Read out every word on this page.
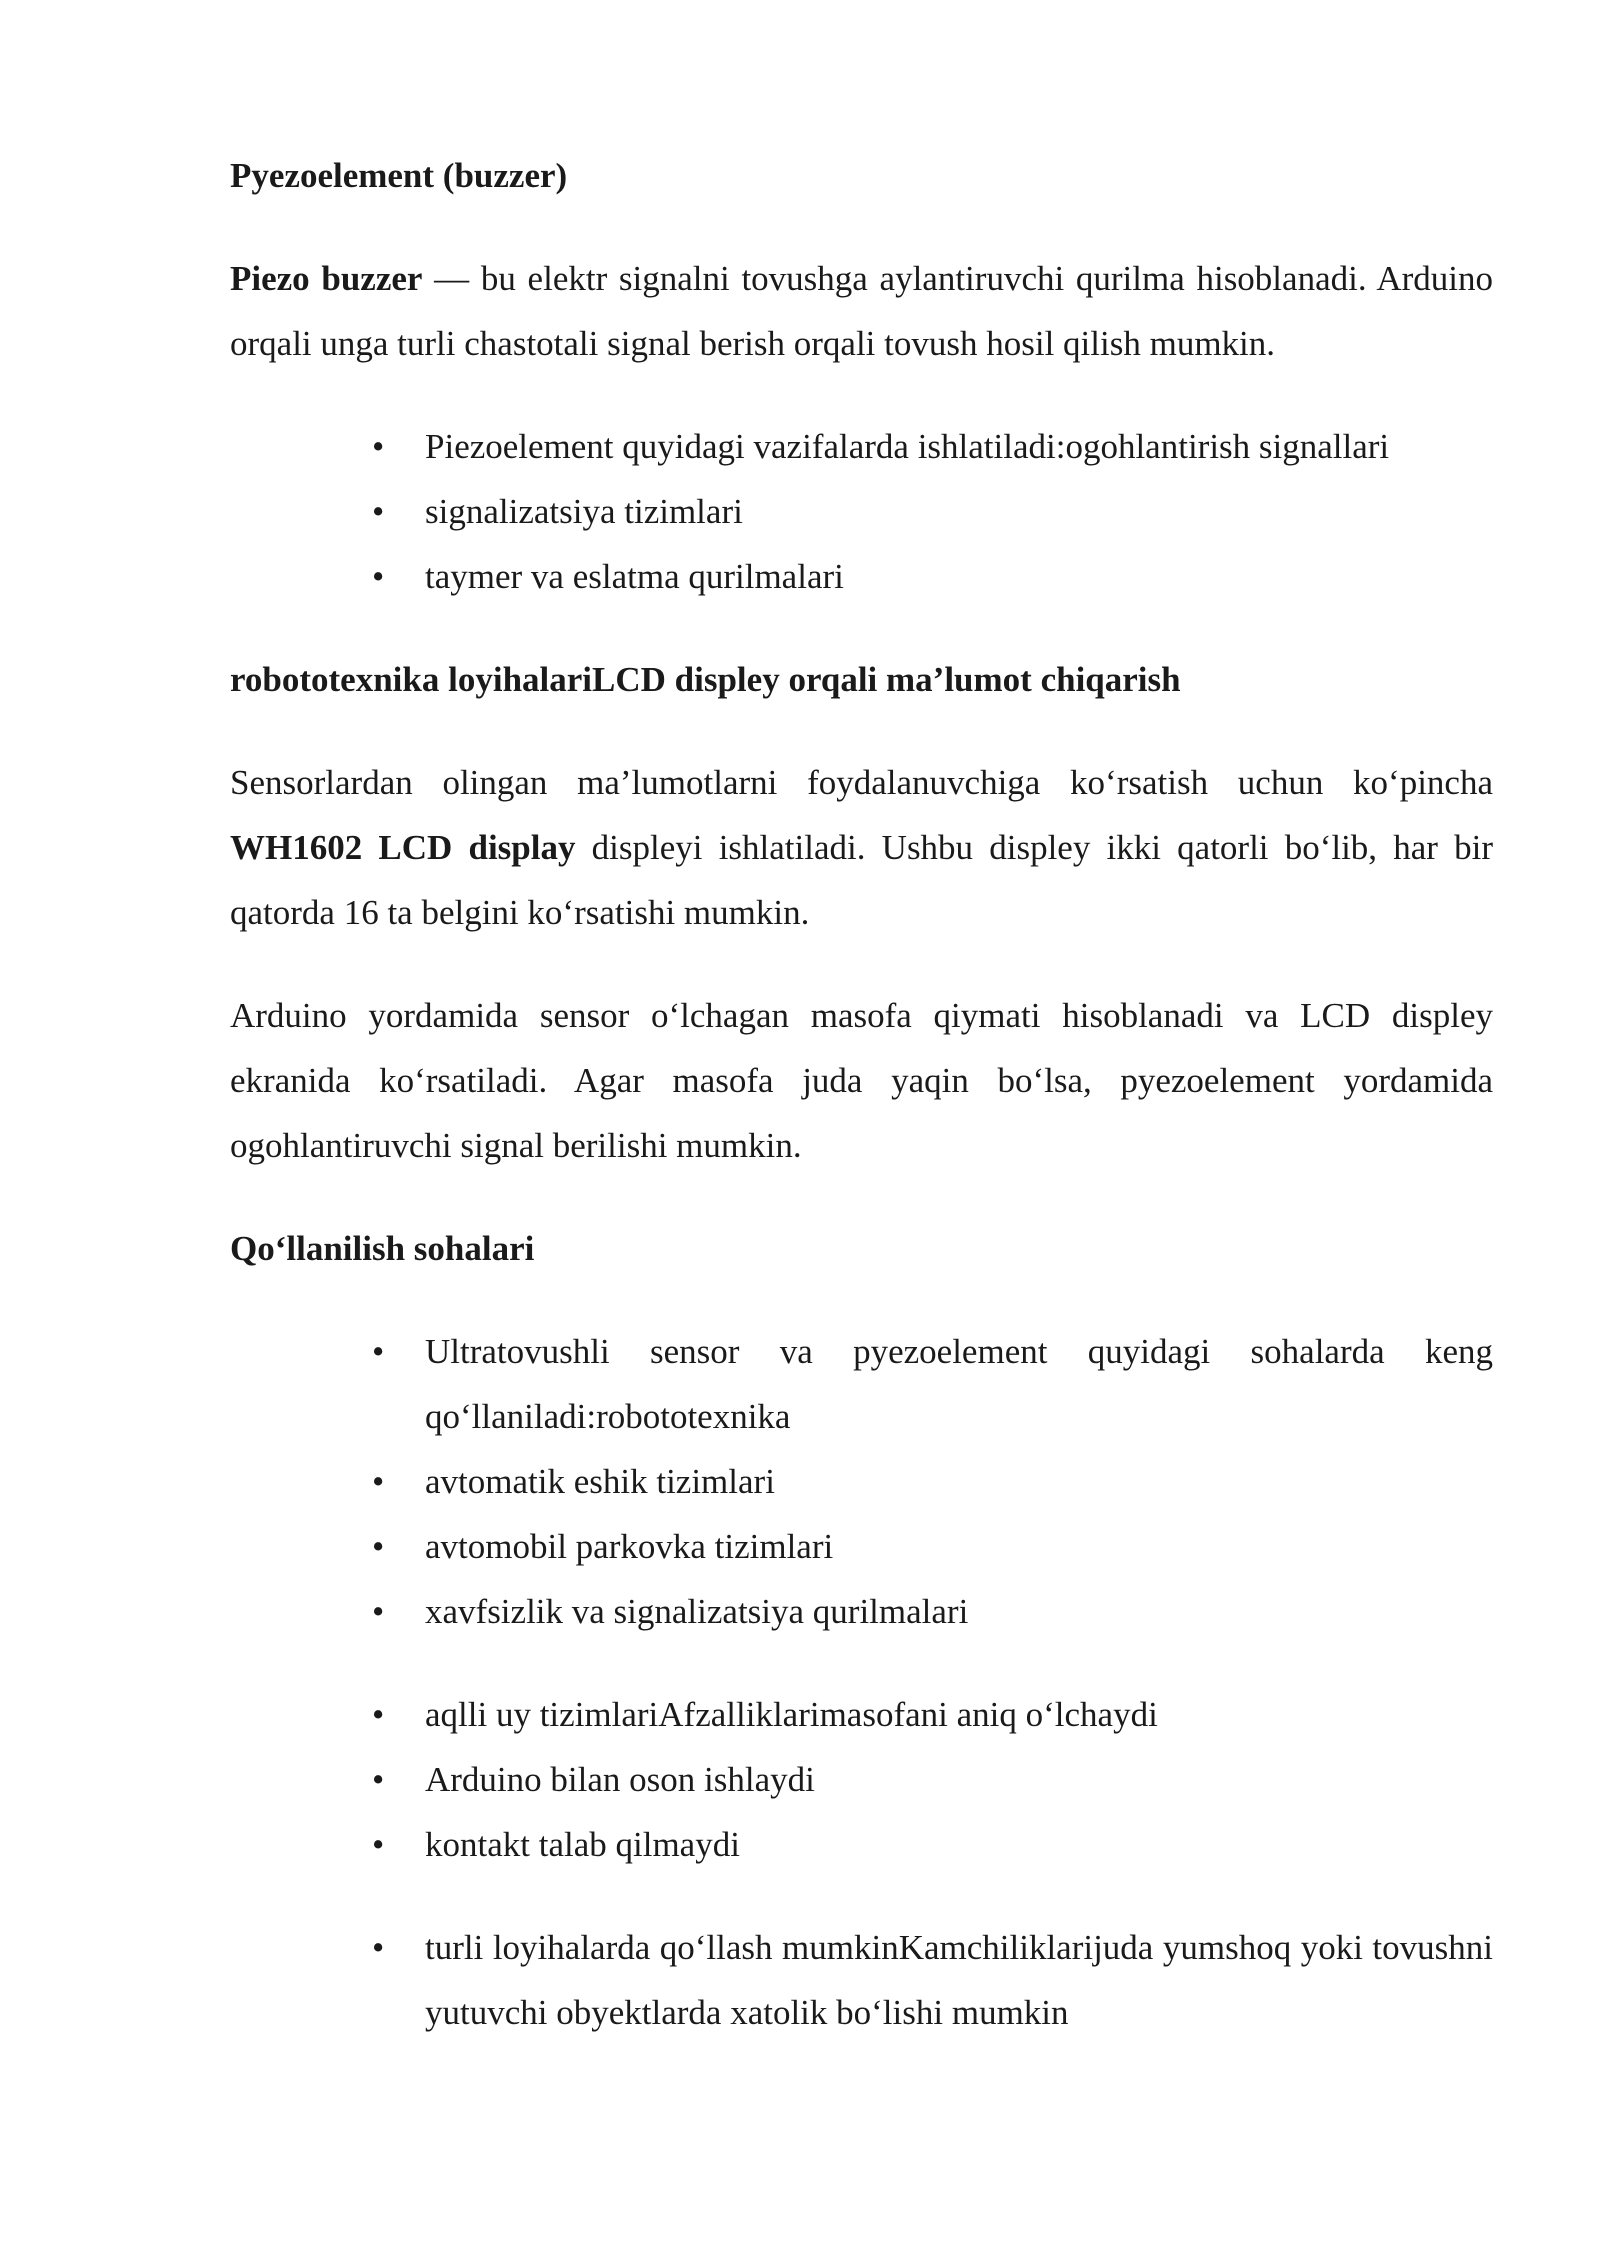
Pyezoelement (buzzer)

Piezo buzzer — bu elektr signalni tovushga aylantiruvchi qurilma hisoblanadi. Arduino orqali unga turli chastotali signal berish orqali tovush hosil qilish mumkin.

• Piezoelement quyidagi vazifalarda ishlatiladi:ogohlantirish signallari
• signalizatsiya tizimlari
• taymer va eslatma qurilmalari

robototexnika loyihalariLCD displey orqali ma’lumot chiqarish

Sensorlardan olingan ma’lumotlarni foydalanuvchiga ko‘rsatish uchun ko‘pincha WH1602 LCD display displeyi ishlatiladi. Ushbu displey ikki qatorli bo‘lib, har bir qatorda 16 ta belgini ko‘rsatishi mumkin.

Arduino yordamida sensor o‘lchagan masofa qiymati hisoblanadi va LCD displey ekranida ko‘rsatiladi. Agar masofa juda yaqin bo‘lsa, pyezoelement yordamida ogohlantiruvchi signal berilishi mumkin.

Qo‘llanilish sohalari

• Ultratovushli sensor va pyezoelement quyidagi sohalarda keng qo‘llaniladi:robototexnika
• avtomatik eshik tizimlari
• avtomobil parkovka tizimlari
• xavfsizlik va signalizatsiya qurilmalari
• aqlli uy tizimlariAfzalliklarimasofani aniq o‘lchaydi
• Arduino bilan oson ishlaydi
• kontakt talab qilmaydi
• turli loyihalarda qo‘llash mumkinKamchiliklarijuda yumshoq yoki tovushni yutuvchi obyektlarda xatolik bo‘lishi mumkin
